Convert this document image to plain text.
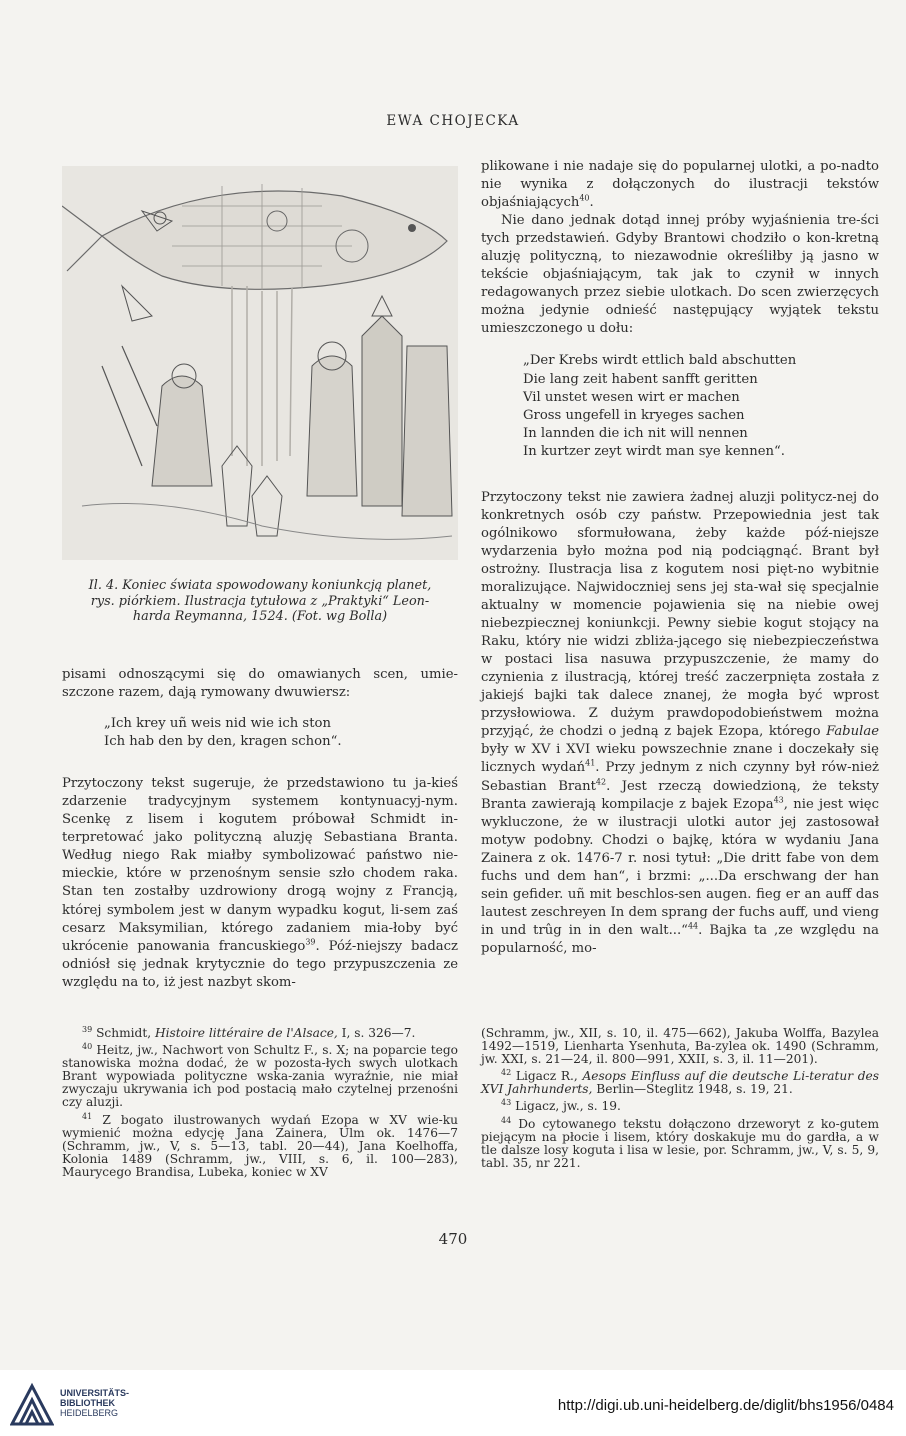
EWA CHOJECKA
Il. 4. Koniec świata spowodowany koniunkcją planet,
rys. piórkiem. Ilustracja tytułowa z „Praktyki“ Leon-
harda Reymanna, 1524. (Fot. wg Bolla)

pisami odnoszącymi się do omawianych scen, umie-szczone razem, dają rymowany dwuwiersz:

„Ich krey uñ weis nid wie ich ston
Ich hab den by den, kragen schon“.

Przytoczony tekst sugeruje, że przedstawiono tu ja-kieś zdarzenie tradycyjnym systemem kontynuacyj-nym. Scenkę z lisem i kogutem próbował Schmidt in-terpretować jako polityczną aluzję Sebastiana Branta. Według niego Rak miałby symbolizować państwo nie-mieckie, które w przenośnym sensie szło chodem raka. Stan ten zostałby uzdrowiony drogą wojny z Francją, której symbolem jest w danym wypadku kogut, li-sem zaś cesarz Maksymilian, którego zadaniem mia-łoby być ukrócenie panowania francuskiego$^{39}$. Póź-niejszy badacz odniósł się jednak krytycznie do tego przypuszczenia ze względu na to, iż jest nazbyt skom-

plikowane i nie nadaje się do popularnej ulotki, a po-nadto nie wynika z dołączonych do ilustracji tekstów objaśniających$^{40}$.

Nie dano jednak dotąd innej próby wyjaśnienia tre-ści tych przedstawień. Gdyby Brantowi chodziło o kon-kretną aluzję polityczną, to niezawodnie określiłby ją jasno w tekście objaśniającym, tak jak to czynił w innych redagowanych przez siebie ulotkach. Do scen zwierzęcych można jedynie odnieść następujący wyjątek tekstu umieszczonego u dołu:

„Der Krebs wirdt ettlich bald abschutten
Die lang zeit habent sanfft geritten
Vil unstet wesen wirt er machen
Gross ungefell in kryeges sachen
In lannden die ich nit will nennen
In kurtzer zeyt wirdt man sye kennen“.

Przytoczony tekst nie zawiera żadnej aluzji politycz-nej do konkretnych osób czy państw. Przepowiednia jest tak ogólnikowo sformułowana, żeby każde póź-niejsze wydarzenia było można pod nią podciągnąć. Brant był ostrożny. Ilustracja lisa z kogutem nosi pięt-no wybitnie moralizujące. Najwidoczniej sens jej sta-wał się specjalnie aktualny w momencie pojawienia się na niebie owej niebezpiecznej koniunkcji. Pewny siebie kogut stojący na Raku, który nie widzi zbliża-jącego się niebezpieczeństwa w postaci lisa nasuwa przypuszczenie, że mamy do czynienia z ilustracją, której treść zaczerpnięta została z jakiejś bajki tak dalece znanej, że mogła być wprost przysłowiowa. Z dużym prawdopodobieństwem można przyjąć, że chodzi o jedną z bajek Ezopa, którego Fabulae były w XV i XVI wieku powszechnie znane i doczekały się licznych wydań$^{41}$. Przy jednym z nich czynny był rów-nież Sebastian Brant$^{42}$. Jest rzeczą dowiedzioną, że teksty Branta zawierają kompilacje z bajek Ezopa$^{43}$, nie jest więc wykluczone, że w ilustracji ulotki autor jej zastosował motyw podobny. Chodzi o bajkę, która w wydaniu Jana Zainera z ok. 1476-7 r. nosi tytuł: „Die dritt fabe von dem fuchs und dem han“, i brzmi: „...Da erschwang der han sein gefider. uñ mit beschlos-sen augen. fieg er an auff das lautest zeschreyen In dem sprang der fuchs auff, und vieng in und trûg in in den walt...“$^{44}$. Bajka ta ,ze względu na popularność, mo-

$^{39}$ Schmidt, Histoire littéraire de l'Alsace, I, s. 326—7.

$^{40}$ Heitz, jw., Nachwort von Schultz F., s. X; na poparcie tego stanowiska można dodać, że w pozosta-łych swych ulotkach Brant wypowiada polityczne wska-zania wyraźnie, nie miał zwyczaju ukrywania ich pod postacią mało czytelnej przenośni czy aluzji.

$^{41}$ Z bogato ilustrowanych wydań Ezopa w XV wie-ku wymienić można edycję Jana Zainera, Ulm ok. 1476—7 (Schramm, jw., V, s. 5—13, tabl. 20—44), Jana Koelhoffa, Kolonia 1489 (Schramm, jw., VIII, s. 6, il. 100—283), Maurycego Brandisa, Lubeka, koniec w XV

(Schramm, jw., XII, s. 10, il. 475—662), Jakuba Wolffa, Bazylea 1492—1519, Lienharta Ysenhuta, Ba-zylea ok. 1490 (Schramm, jw. XXI, s. 21—24, il. 800—991, XXII, s. 3, il. 11—201).

$^{42}$ Ligacz R., Aesops Einfluss auf die deutsche Li-teratur des XVI Jahrhunderts, Berlin—Steglitz 1948, s. 19, 21.

$^{43}$ Ligacz, jw., s. 19.

$^{44}$ Do cytowanego tekstu dołączono drzeworyt z ko-gutem piejącym na płocie i lisem, który doskakuje mu do gardła, a w tle dalsze losy koguta i lisa w lesie, por. Schramm, jw., V, s. 5, 9, tabl. 35, nr 221.

470
UNIVERSITÄTS-
BIBLIOTHEK
HEIDELBERG	http://digi.ub.uni-heidelberg.de/diglit/bhs1956/0484
